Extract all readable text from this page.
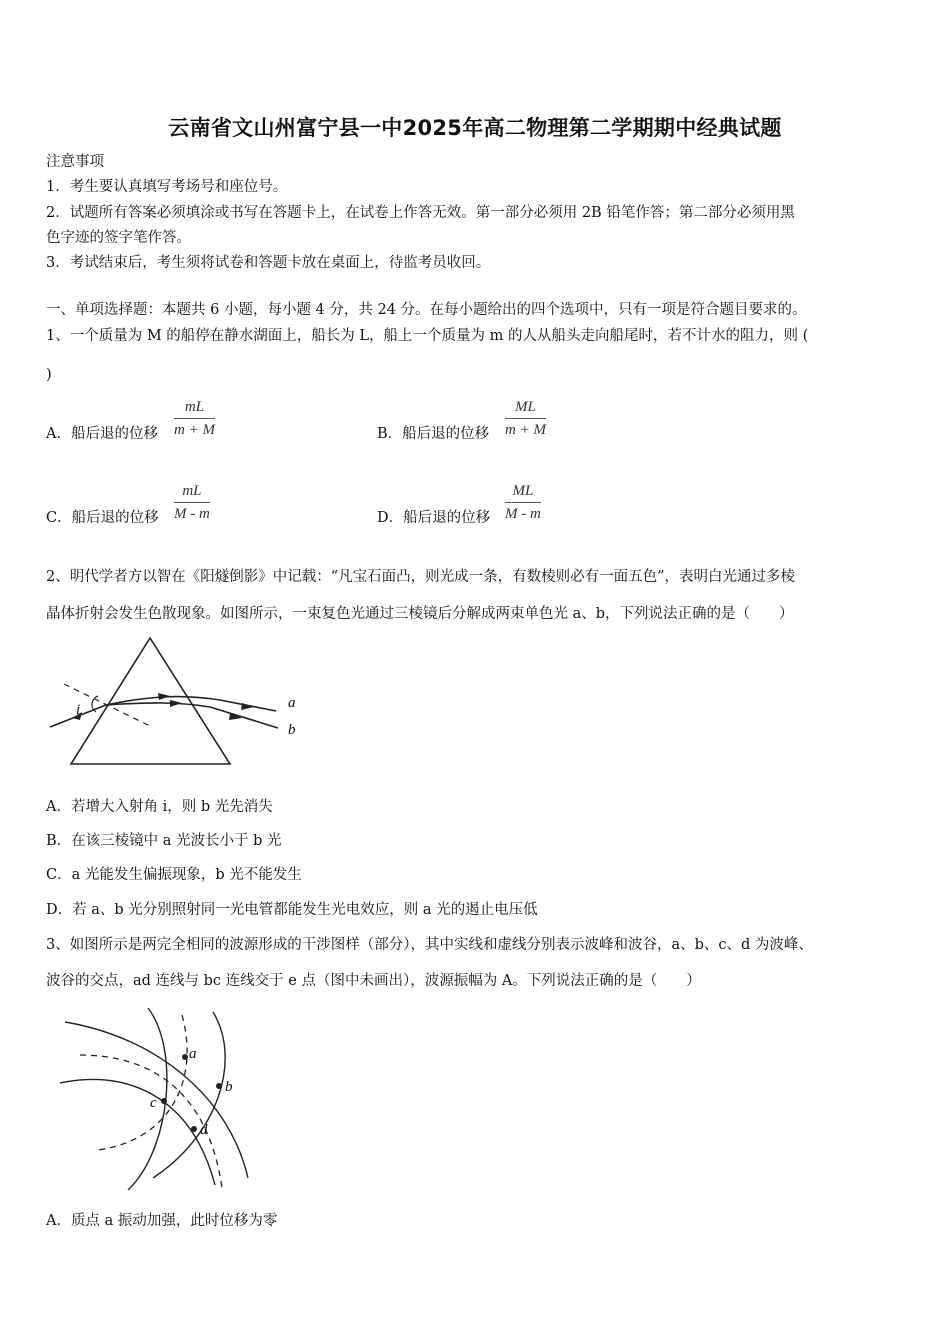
云南省文山州富宁县一中2025年高二物理第二学期期中经典试题
注意事项
1．考生要认真填写考场号和座位号。
2．试题所有答案必须填涂或书写在答题卡上，在试卷上作答无效。第一部分必须用 2B 铅笔作答；第二部分必须用黑
色字迹的签字笔作答。
3．考试结束后，考生须将试卷和答题卡放在桌面上，待监考员收回。
一、单项选择题：本题共 6 小题，每小题 4 分，共 24 分。在每小题给出的四个选项中，只有一项是符合题目要求的。
1、一个质量为 M 的船停在静水湖面上，船长为 L，船上一个质量为 m 的人从船头走向船尾时，若不计水的阻力，则 (
)
A．船后退的位移 $\frac{mL}{m + M}$	B．船后退的位移 $\frac{ML}{m + M}$
C．船后退的位移 $\frac{mL}{M - m}$	D．船后退的位移 $\frac{ML}{M - m}$
2、明代学者方以智在《阳燧倒影》中记载：“凡宝石面凸，则光成一条，有数棱则必有一面五色”，表明白光通过多棱
晶体折射会发生色散现象。如图所示，一束复色光通过三棱镜后分解成两束单色光 a、b，下列说法正确的是（　　）
i	a
b
A．若增大入射角 i，则 b 光先消失
B．在该三棱镜中 a 光波长小于 b 光
C．a 光能发生偏振现象，b 光不能发生
D．若 a、b 光分别照射同一光电管都能发生光电效应，则 a 光的遏止电压低
3、如图所示是两完全相同的波源形成的干涉图样（部分），其中实线和虚线分别表示波峰和波谷，a、b、c、d 为波峰、
波谷的交点，ad 连线与 bc 连线交于 e 点（图中未画出），波源振幅为 A。下列说法正确的是（　　）
a
b
c
d
A．质点 a 振动加强，此时位移为零
